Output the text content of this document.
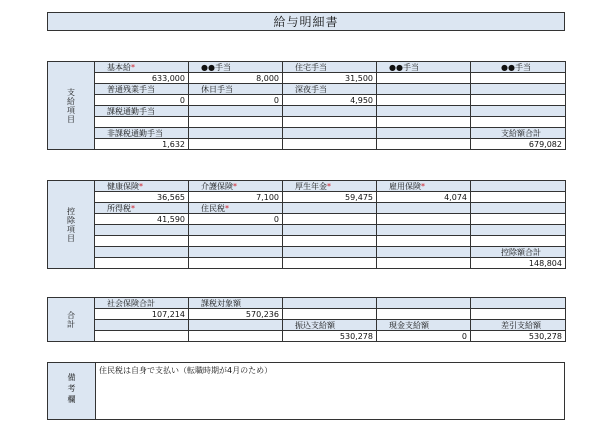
給与明細書
支
給
項
目	基本給*	●●手当	住宅手当	●●手当	●●手当
	633,000	8,000	31,500		
	普通残業手当	休日手当	深夜手当		
	0	0	4,950		
	課税通勤手当				

	非課税通勤手当				支給額合計
	1,632				679,082
控
除
項
目	健康保険*	介護保険*	厚生年金*	雇用保険*	
	36,565	7,100	59,475	4,074	
	所得税*	住民税*			
	41,590	0			

					控除額合計
					148,804
合
計	社会保険合計	課税対象額			
	107,214	570,236			
			振込支給額	現金支給額	差引支給額
			530,278	0	530,278
備
考
欄
住民税は自身で支払い（転職時期が4月のため）
